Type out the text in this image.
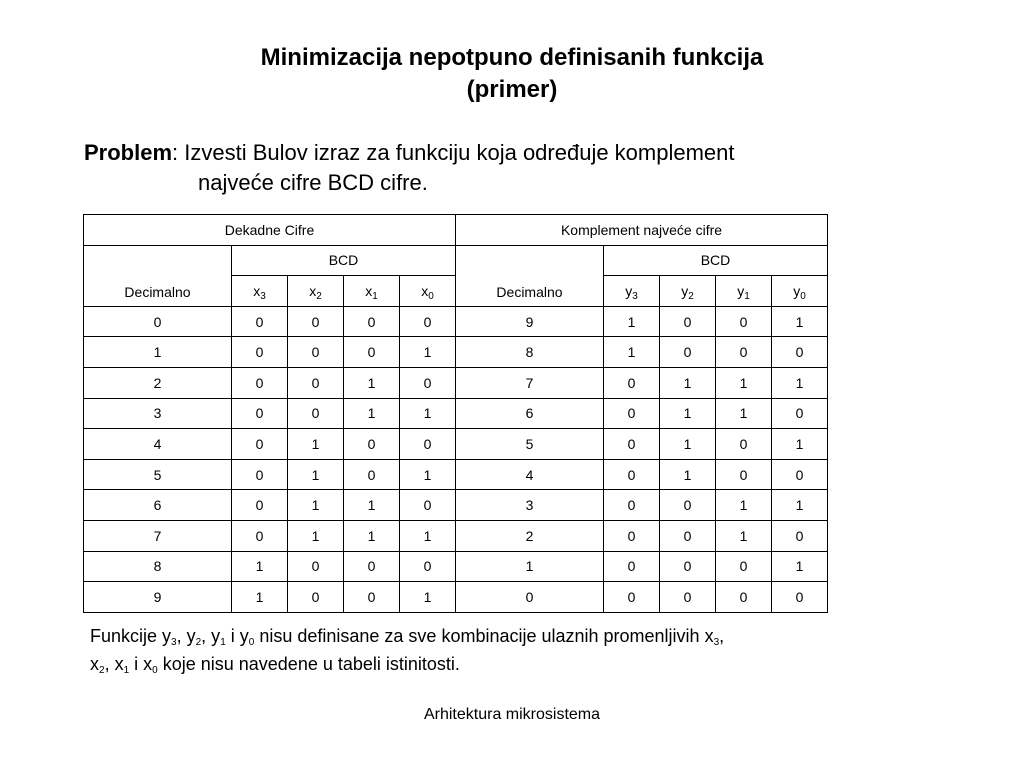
Minimizacija nepotpuno definisanih funkcija
(primer)
Problem: Izvesti Bulov izraz za funkciju koja određuje komplement
najveće cifre BCD cifre.
Dekadne Cifre					Komplement najveće cifre				
Decimalno	BCD				Decimalno	BCD			
	$x_3$	$x_2$	$x_1$	$x_0$		$y_3$	$y_2$	$y_1$	$y_0$
0	0	0	0	0	9	1	0	0	1
1	0	0	0	1	8	1	0	0	0
2	0	0	1	0	7	0	1	1	1
3	0	0	1	1	6	0	1	1	0
4	0	1	0	0	5	0	1	0	1
5	0	1	0	1	4	0	1	0	0
6	0	1	1	0	3	0	0	1	1
7	0	1	1	1	2	0	0	1	0
8	1	0	0	0	1	0	0	0	1
9	1	0	0	1	0	0	0	0	0
Funkcije $y_3$, $y_2$, $y_1$ i $y_0$ nisu definisane za sve kombinacije ulaznih promenljivih $x_3$,
$x_2$, $x_1$ i $x_0$ koje nisu navedene u tabeli istinitosti.
Arhitektura mikrosistema
